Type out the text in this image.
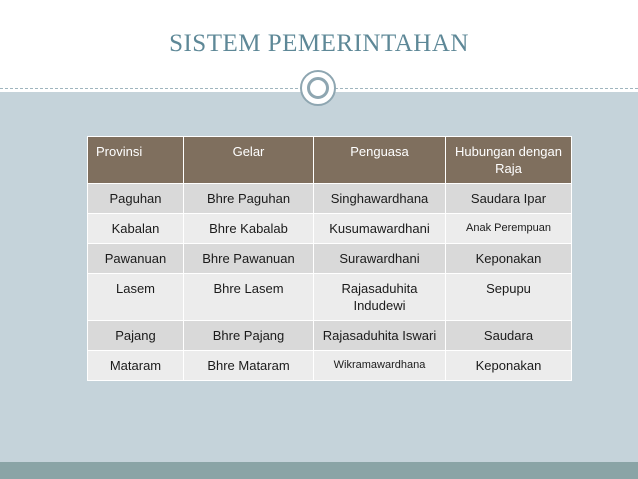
SISTEM PEMERINTAHAN
Provinsi	Gelar	Penguasa	Hubungan dengan Raja
Paguhan	Bhre Paguhan	Singhawardhana	Saudara Ipar
Kabalan	Bhre Kabalab	Kusumawardhani	Anak Perempuan
Pawanuan	Bhre Pawanuan	Surawardhani	Keponakan
Lasem	Bhre Lasem	Rajasaduhita Indudewi	Sepupu
Pajang	Bhre Pajang	Rajasaduhita Iswari	Saudara
Mataram	Bhre Mataram	Wikramawardhana	Keponakan
